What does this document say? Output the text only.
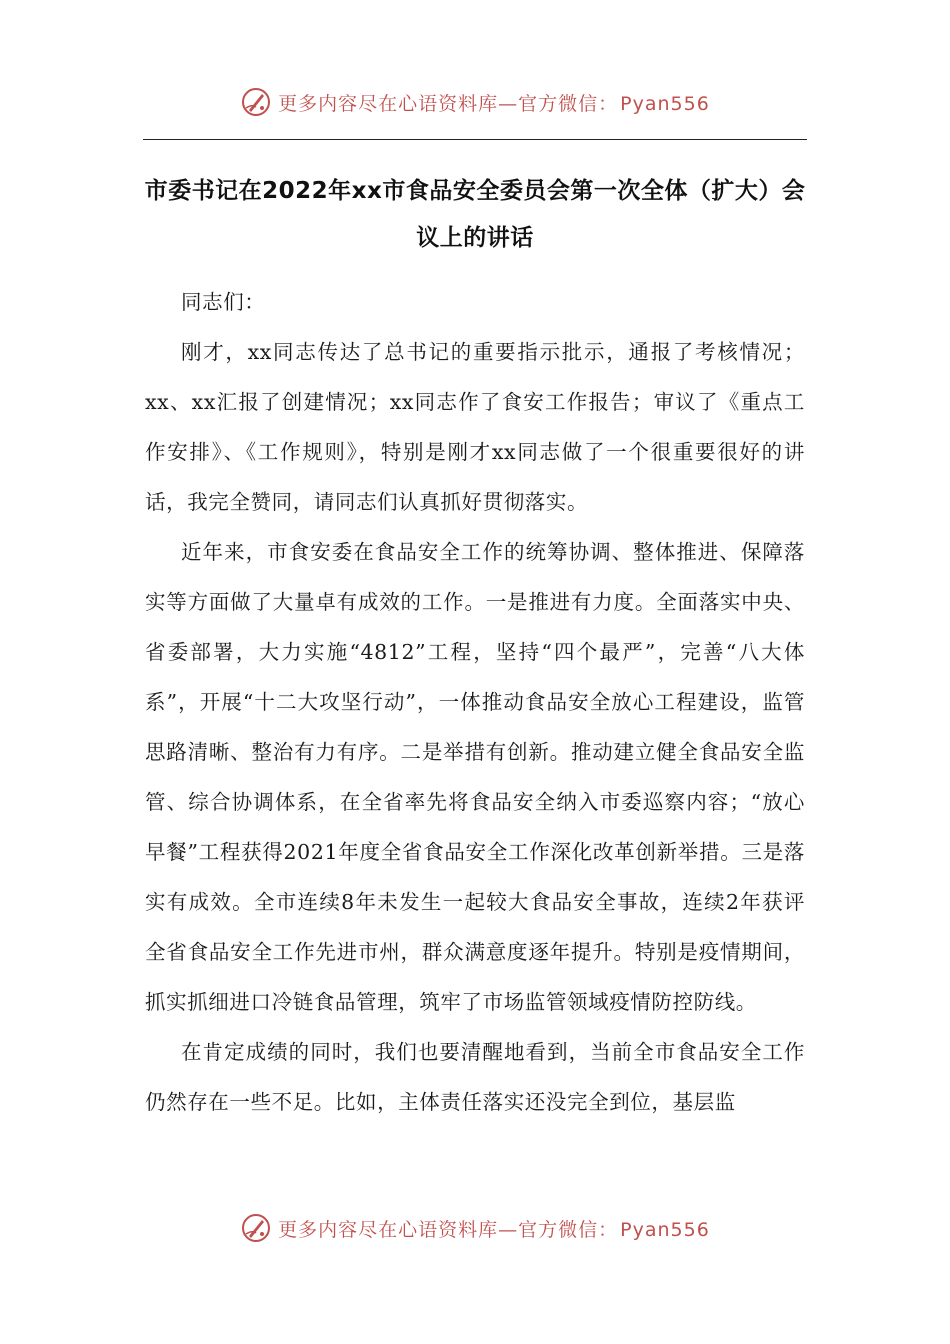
更多内容尽在心语资料库—官方微信： Pyan556
市委书记在2022年xx市食品安全委员会第一次全体（扩大）会议上的讲话

同志们：

刚才，xx同志传达了总书记的重要指示批示，通报了考核情况；xx、xx汇报了创建情况；xx同志作了食安工作报告；审议了《重点工作安排》、《工作规则》，特别是刚才xx同志做了一个很重要很好的讲话，我完全赞同，请同志们认真抓好贯彻落实。

近年来，市食安委在食品安全工作的统筹协调、整体推进、保障落实等方面做了大量卓有成效的工作。一是推进有力度。全面落实中央、省委部署，大力实施“4812”工程，坚持“四个最严”，完善“八大体系”，开展“十二大攻坚行动”，一体推动食品安全放心工程建设，监管思路清晰、整治有力有序。二是举措有创新。推动建立健全食品安全监管、综合协调体系，在全省率先将食品安全纳入市委巡察内容；“放心早餐”工程获得2021年度全省食品安全工作深化改革创新举措。三是落实有成效。全市连续8年未发生一起较大食品安全事故，连续2年获评全省食品安全工作先进市州，群众满意度逐年提升。特别是疫情期间，抓实抓细进口冷链食品管理，筑牢了市场监管领域疫情防控防线。

在肯定成绩的同时，我们也要清醒地看到，当前全市食品安全工作仍然存在一些不足。比如，主体责任落实还没完全到位，基层监

更多内容尽在心语资料库—官方微信： Pyan556
